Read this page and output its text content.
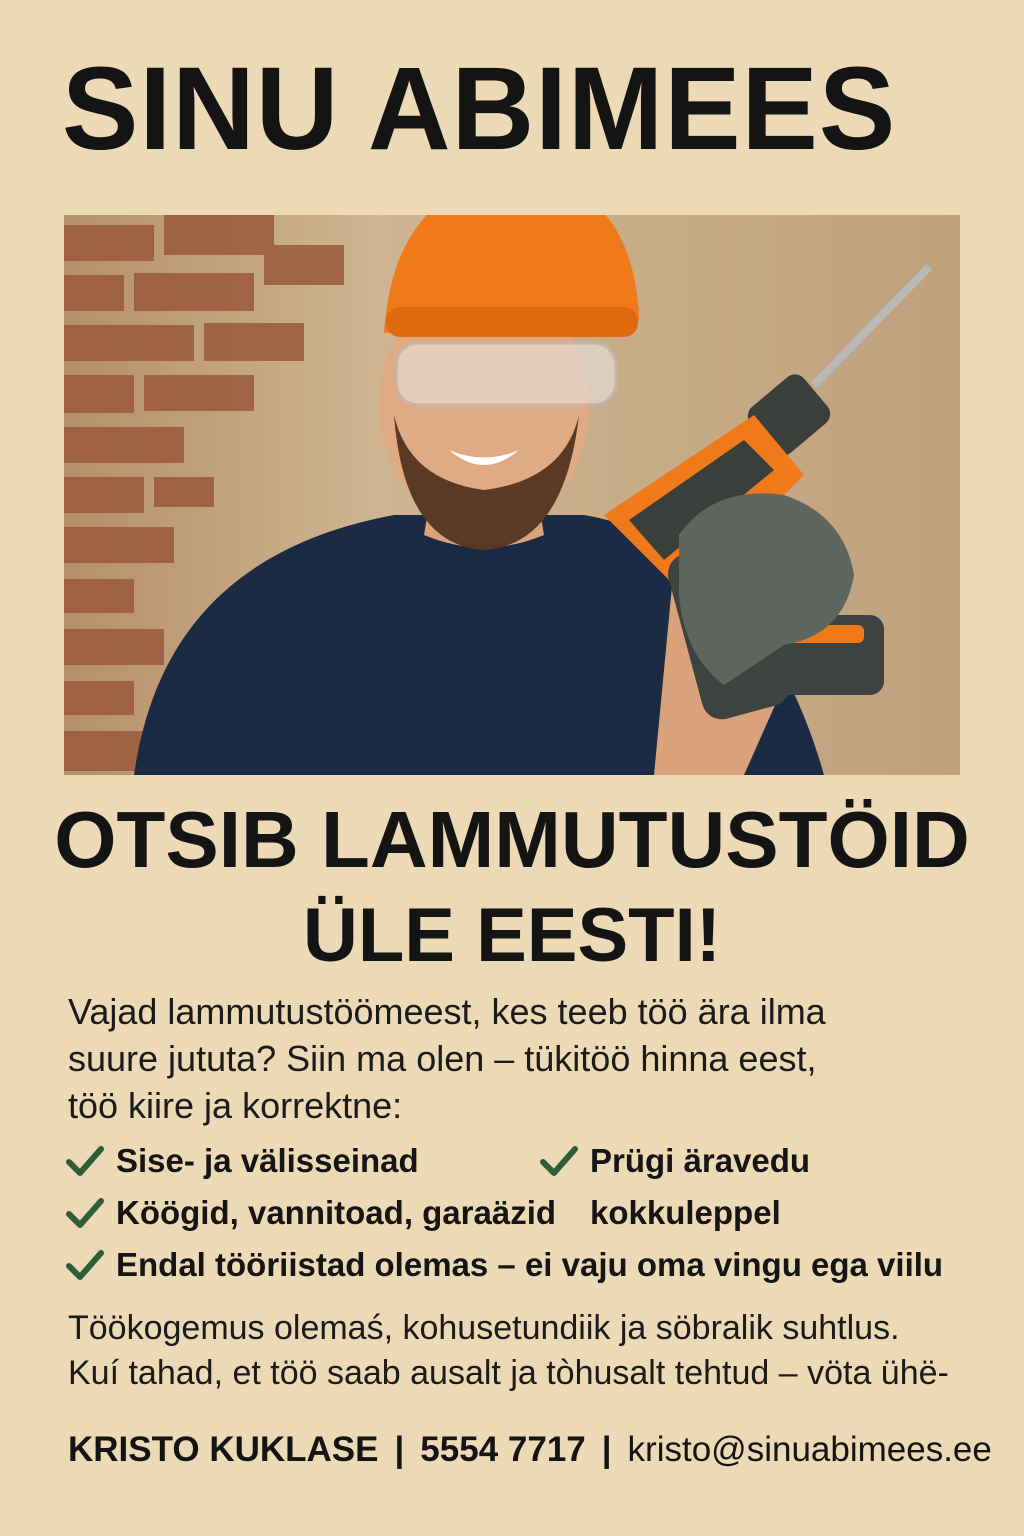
SINU ABIMEES
OTSIB LAMMUTUSTÖID
ÜLE EESTI!
Vajad lammutustöömeest, kes teeb töö ära ilma
suure jututa? Siin ma olen – tükitöö hinna eest,
töö kiire ja korrektne:
Sise- ja välisseinad	Prügi äravedu
Köögid, vannitoad, garaäzid kokkuleppel
Endal tööriistad olemas – ei vaju oma vingu ega viilu
Töökogemus olemaś, kohusetundiik ja söbralik suhtlus.
Kuí tahad, et töö saab ausalt ja tòhusalt tehtud – vöta ühë-
KRISTO KUKLASE | 5554 7717 | kristo@sinuabimees.ee
